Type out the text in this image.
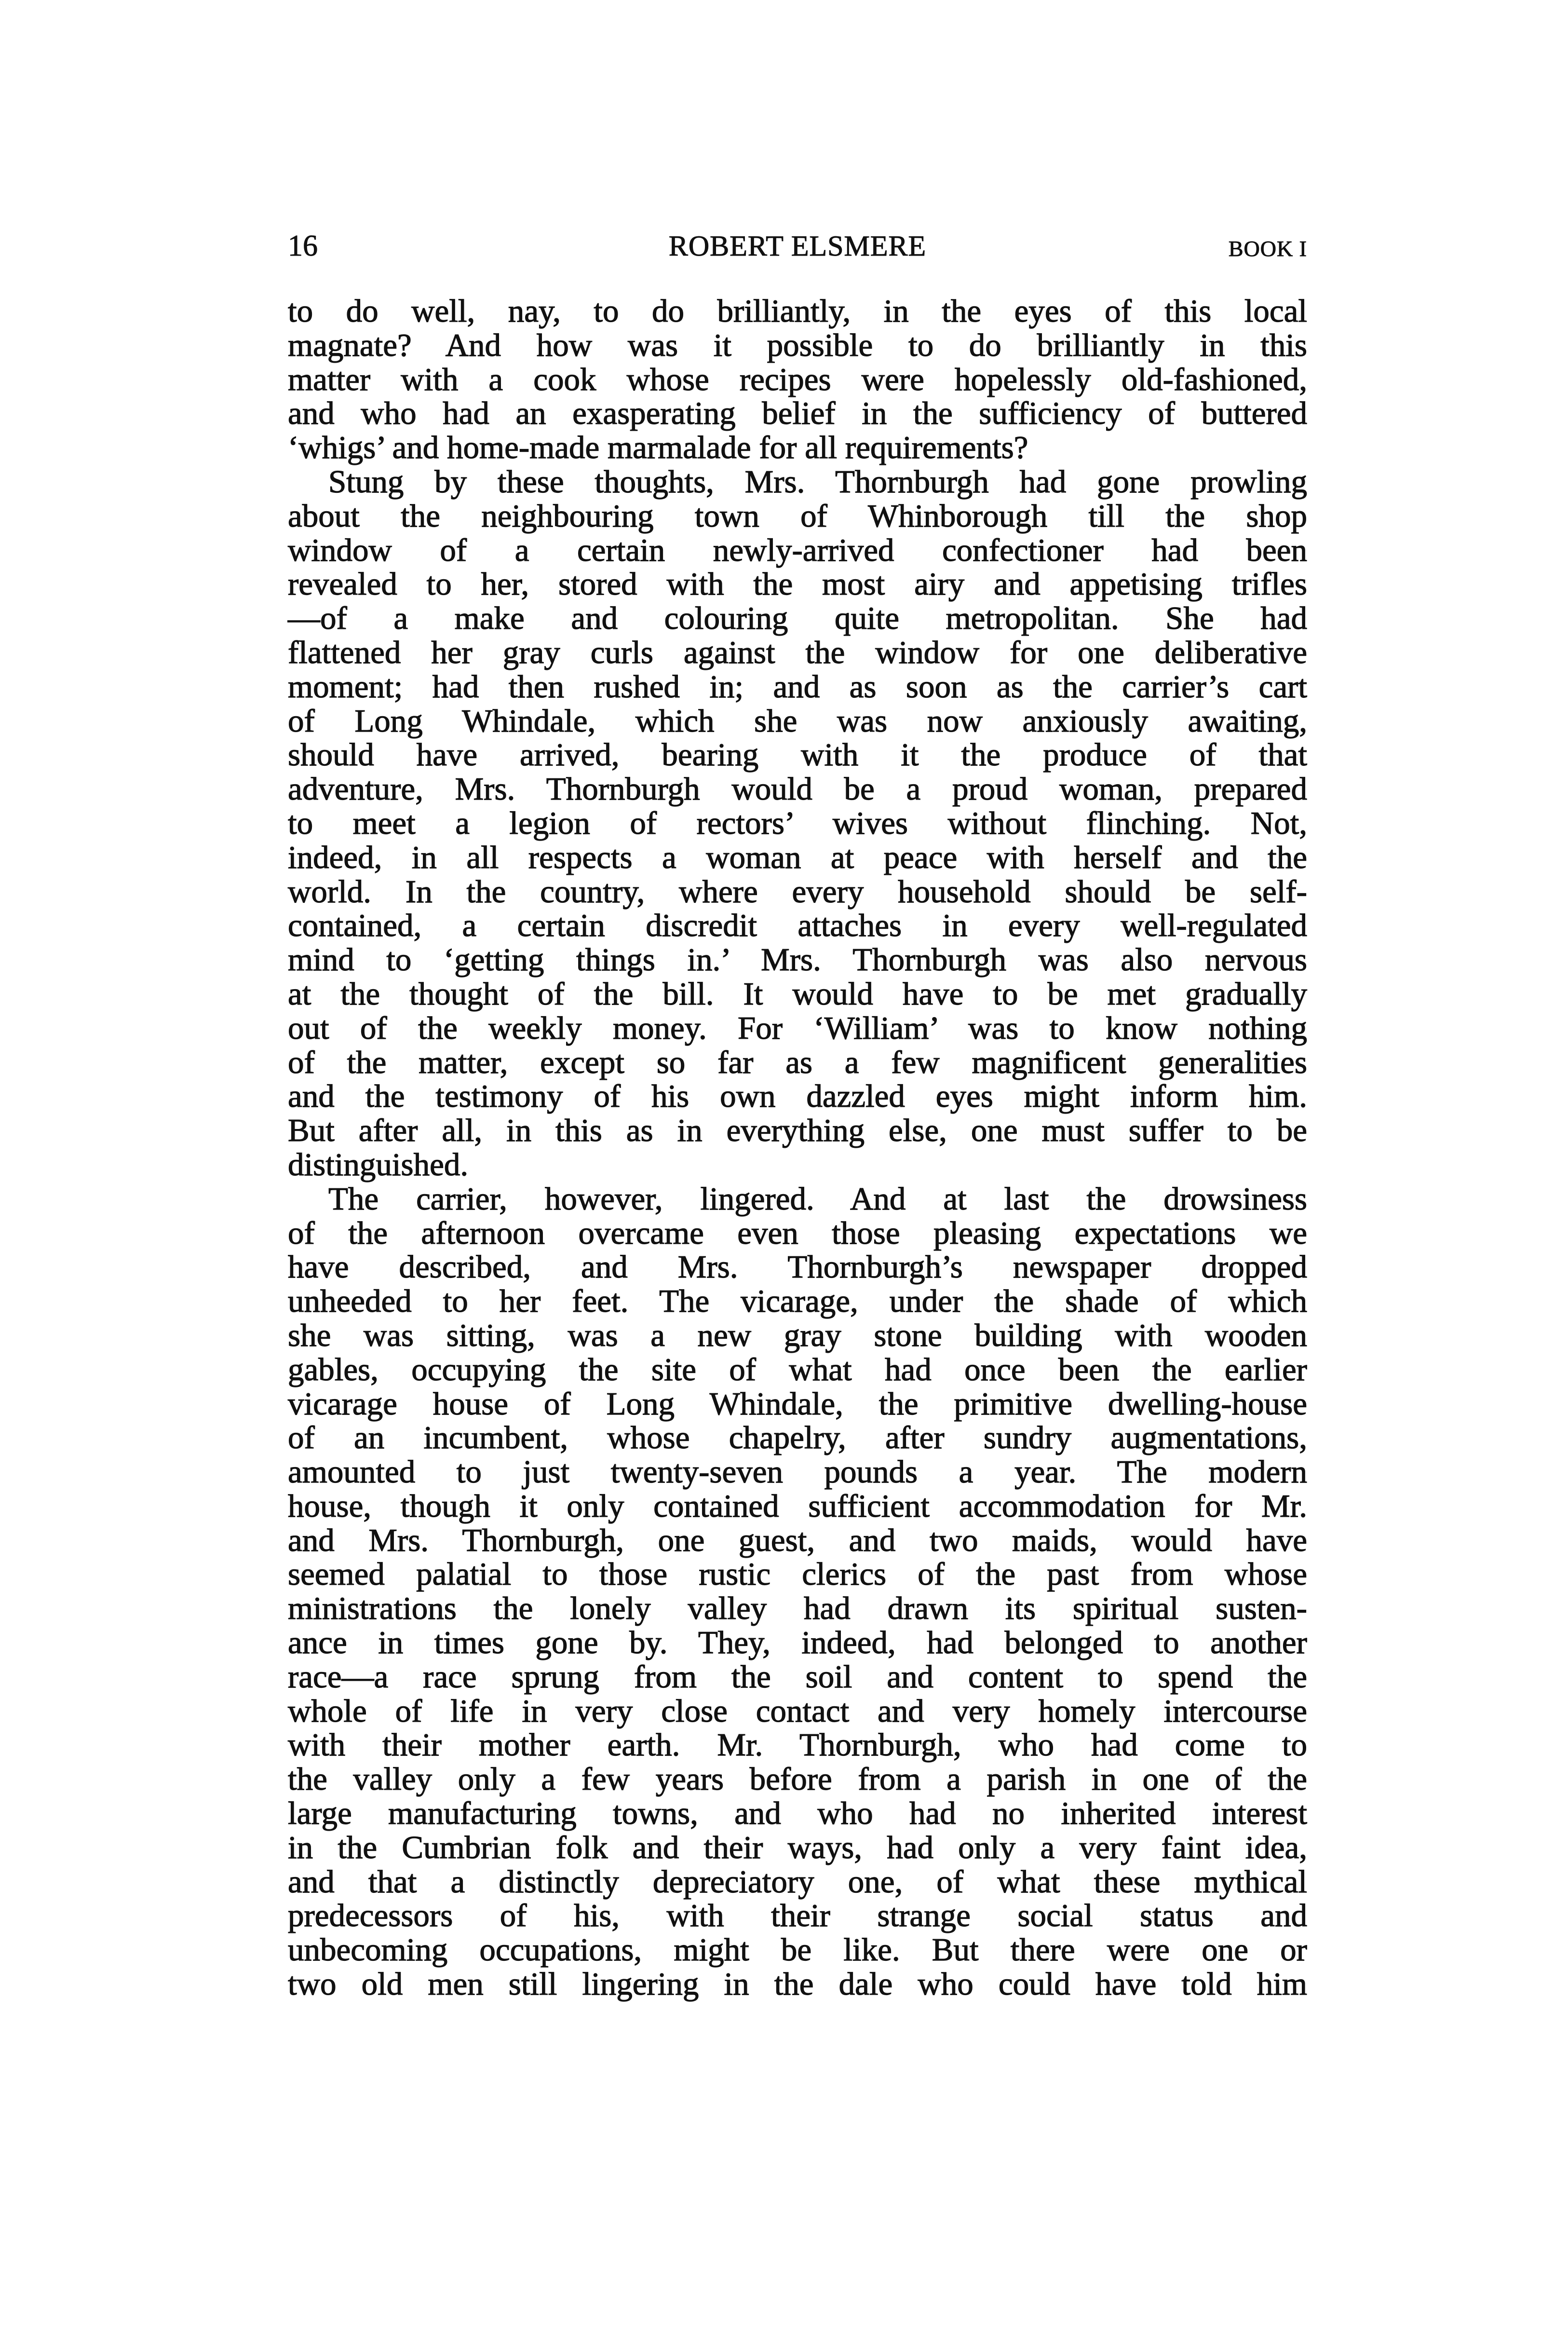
16	ROBERT ELSMERE	BOOK I
to do well, nay, to do brilliantly, in the eyes of this local
magnate? And how was it possible to do brilliantly in this
matter with a cook whose recipes were hopelessly old-fashioned,
and who had an exasperating belief in the sufficiency of buttered
‘whigs’ and home-made marmalade for all requirements?
Stung by these thoughts, Mrs. Thornburgh had gone prowling
about the neighbouring town of Whinborough till the shop
window of a certain newly-arrived confectioner had been
revealed to her, stored with the most airy and appetising trifles
—of a make and colouring quite metropolitan. She had
flattened her gray curls against the window for one deliberative
moment; had then rushed in; and as soon as the carrier’s cart
of Long Whindale, which she was now anxiously awaiting,
should have arrived, bearing with it the produce of that
adventure, Mrs. Thornburgh would be a proud woman, prepared
to meet a legion of rectors’ wives without flinching. Not,
indeed, in all respects a woman at peace with herself and the
world. In the country, where every household should be self-
contained, a certain discredit attaches in every well-regulated
mind to ‘getting things in.’ Mrs. Thornburgh was also nervous
at the thought of the bill. It would have to be met gradually
out of the weekly money. For ‘William’ was to know nothing
of the matter, except so far as a few magnificent generalities
and the testimony of his own dazzled eyes might inform him.
But after all, in this as in everything else, one must suffer to be
distinguished.
The carrier, however, lingered. And at last the drowsiness
of the afternoon overcame even those pleasing expectations we
have described, and Mrs. Thornburgh’s newspaper dropped
unheeded to her feet. The vicarage, under the shade of which
she was sitting, was a new gray stone building with wooden
gables, occupying the site of what had once been the earlier
vicarage house of Long Whindale, the primitive dwelling-house
of an incumbent, whose chapelry, after sundry augmentations,
amounted to just twenty-seven pounds a year. The modern
house, though it only contained sufficient accommodation for Mr.
and Mrs. Thornburgh, one guest, and two maids, would have
seemed palatial to those rustic clerics of the past from whose
ministrations the lonely valley had drawn its spiritual susten-
ance in times gone by. They, indeed, had belonged to another
race—a race sprung from the soil and content to spend the
whole of life in very close contact and very homely intercourse
with their mother earth. Mr. Thornburgh, who had come to
the valley only a few years before from a parish in one of the
large manufacturing towns, and who had no inherited interest
in the Cumbrian folk and their ways, had only a very faint idea,
and that a distinctly depreciatory one, of what these mythical
predecessors of his, with their strange social status and
unbecoming occupations, might be like. But there were one or
two old men still lingering in the dale who could have told him
